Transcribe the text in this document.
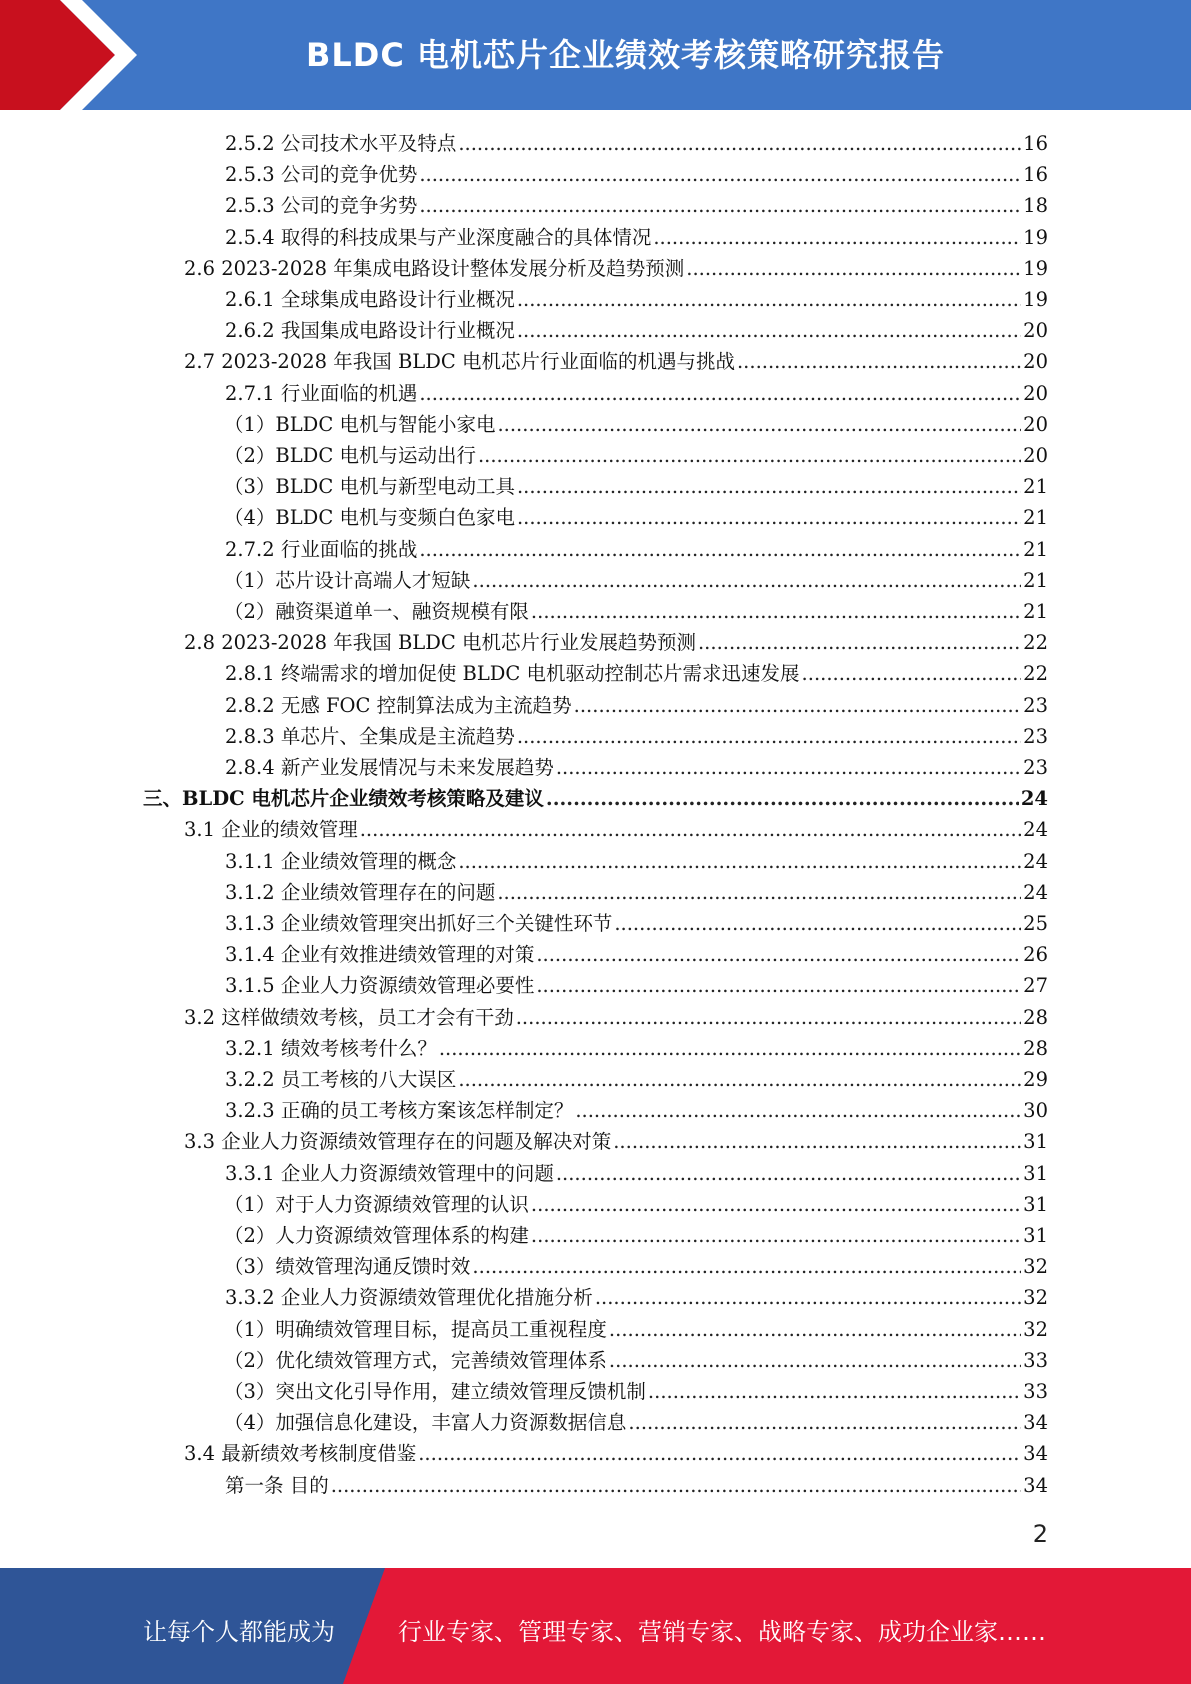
BLDC 电机芯片企业绩效考核策略研究报告
2.5.2 公司技术水平及特点 .....	16
2.5.3 公司的竞争优势 .....	16
2.5.3 公司的竞争劣势 .....	18
2.5.4 取得的科技成果与产业深度融合的具体情况 .....	19
2.6 2023-2028 年集成电路设计整体发展分析及趋势预测 .....	19
2.6.1 全球集成电路设计行业概况 .....	19
2.6.2 我国集成电路设计行业概况 .....	20
2.7 2023-2028 年我国 BLDC 电机芯片行业面临的机遇与挑战 .....	20
2.7.1 行业面临的机遇 .....	20
（1）BLDC 电机与智能小家电 .....	20
（2）BLDC 电机与运动出行 .....	20
（3）BLDC 电机与新型电动工具 .....	21
（4）BLDC 电机与变频白色家电 .....	21
2.7.2 行业面临的挑战 .....	21
（1）芯片设计高端人才短缺 .....	21
（2）融资渠道单一、融资规模有限 .....	21
2.8 2023-2028 年我国 BLDC 电机芯片行业发展趋势预测 .....	22
2.8.1 终端需求的增加促使 BLDC 电机驱动控制芯片需求迅速发展 .....	22
2.8.2 无感 FOC 控制算法成为主流趋势 .....	23
2.8.3 单芯片、全集成是主流趋势 .....	23
2.8.4 新产业发展情况与未来发展趋势 .....	23
三、BLDC 电机芯片企业绩效考核策略及建议 .....	24
3.1 企业的绩效管理 .....	24
3.1.1 企业绩效管理的概念 .....	24
3.1.2 企业绩效管理存在的问题 .....	24
3.1.3 企业绩效管理突出抓好三个关键性环节 .....	25
3.1.4 企业有效推进绩效管理的对策 .....	26
3.1.5 企业人力资源绩效管理必要性 .....	27
3.2 这样做绩效考核，员工才会有干劲 .....	28
3.2.1 绩效考核考什么？ .....	28
3.2.2 员工考核的八大误区 .....	29
3.2.3 正确的员工考核方案该怎样制定？ .....	30
3.3 企业人力资源绩效管理存在的问题及解决对策 .....	31
3.3.1 企业人力资源绩效管理中的问题 .....	31
（1）对于人力资源绩效管理的认识 .....	31
（2）人力资源绩效管理体系的构建 .....	31
（3）绩效管理沟通反馈时效 .....	32
3.3.2 企业人力资源绩效管理优化措施分析 .....	32
（1）明确绩效管理目标，提高员工重视程度 .....	32
（2）优化绩效管理方式，完善绩效管理体系 .....	33
（3）突出文化引导作用，建立绩效管理反馈机制 .....	33
（4）加强信息化建设，丰富人力资源数据信息 .....	34
3.4 最新绩效考核制度借鉴 .....	34
第一条 目的 .....	34
2
让每个人都能成为	行业专家、管理专家、营销专家、战略专家、成功企业家……
